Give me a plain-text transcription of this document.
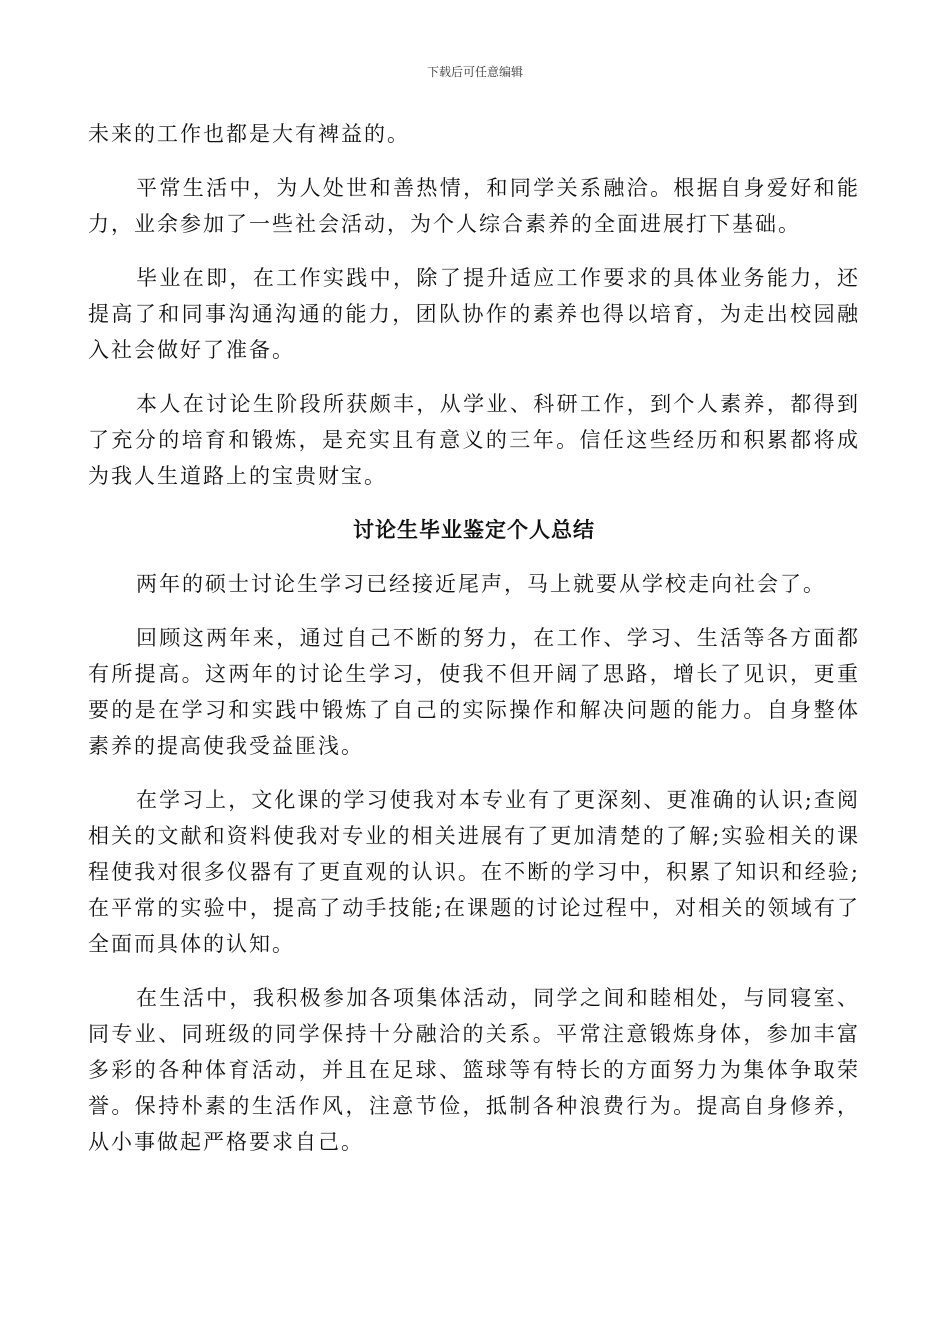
下载后可任意编辑

未来的工作也都是大有裨益的。

平常生活中，为人处世和善热情，和同学关系融洽。根据自身爱好和能力，业余参加了一些社会活动，为个人综合素养的全面进展打下基础。

毕业在即，在工作实践中，除了提升适应工作要求的具体业务能力，还提高了和同事沟通沟通的能力，团队协作的素养也得以培育，为走出校园融入社会做好了准备。

本人在讨论生阶段所获颇丰，从学业、科研工作，到个人素养，都得到了充分的培育和锻炼，是充实且有意义的三年。信任这些经历和积累都将成为我人生道路上的宝贵财宝。

讨论生毕业鉴定个人总结

两年的硕士讨论生学习已经接近尾声，马上就要从学校走向社会了。

回顾这两年来，通过自己不断的努力，在工作、学习、生活等各方面都有所提高。这两年的讨论生学习，使我不但开阔了思路，增长了见识，更重要的是在学习和实践中锻炼了自己的实际操作和解决问题的能力。自身整体素养的提高使我受益匪浅。

在学习上，文化课的学习使我对本专业有了更深刻、更准确的认识;查阅相关的文献和资料使我对专业的相关进展有了更加清楚的了解;实验相关的课程使我对很多仪器有了更直观的认识。在不断的学习中，积累了知识和经验;在平常的实验中，提高了动手技能;在课题的讨论过程中，对相关的领域有了全面而具体的认知。

在生活中，我积极参加各项集体活动，同学之间和睦相处，与同寝室、同专业、同班级的同学保持十分融洽的关系。平常注意锻炼身体，参加丰富多彩的各种体育活动，并且在足球、篮球等有特长的方面努力为集体争取荣誉。保持朴素的生活作风，注意节俭，抵制各种浪费行为。提高自身修养，从小事做起严格要求自己。
